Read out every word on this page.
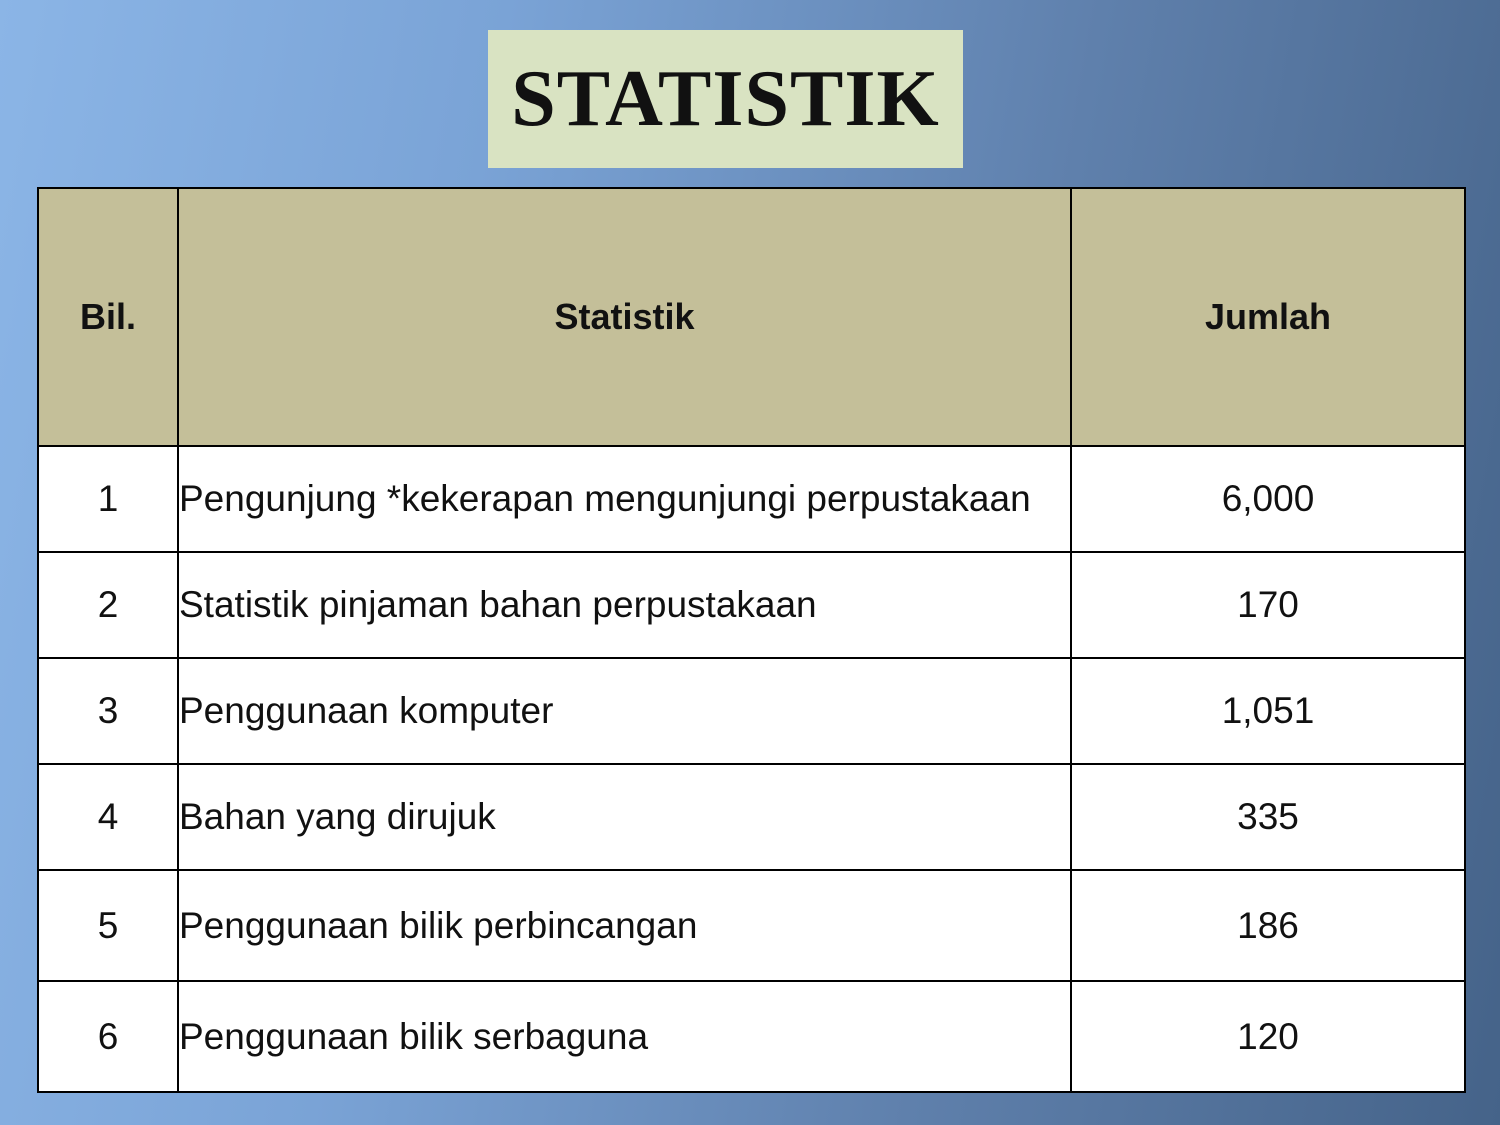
STATISTIK
Bil.	Statistik	Jumlah
1	Pengunjung *kekerapan mengunjungi perpustakaan	6,000
2	Statistik pinjaman bahan perpustakaan	170
3	Penggunaan komputer	1,051
4	Bahan yang dirujuk	335
5	Penggunaan bilik perbincangan	186
6	Penggunaan bilik serbaguna	120
